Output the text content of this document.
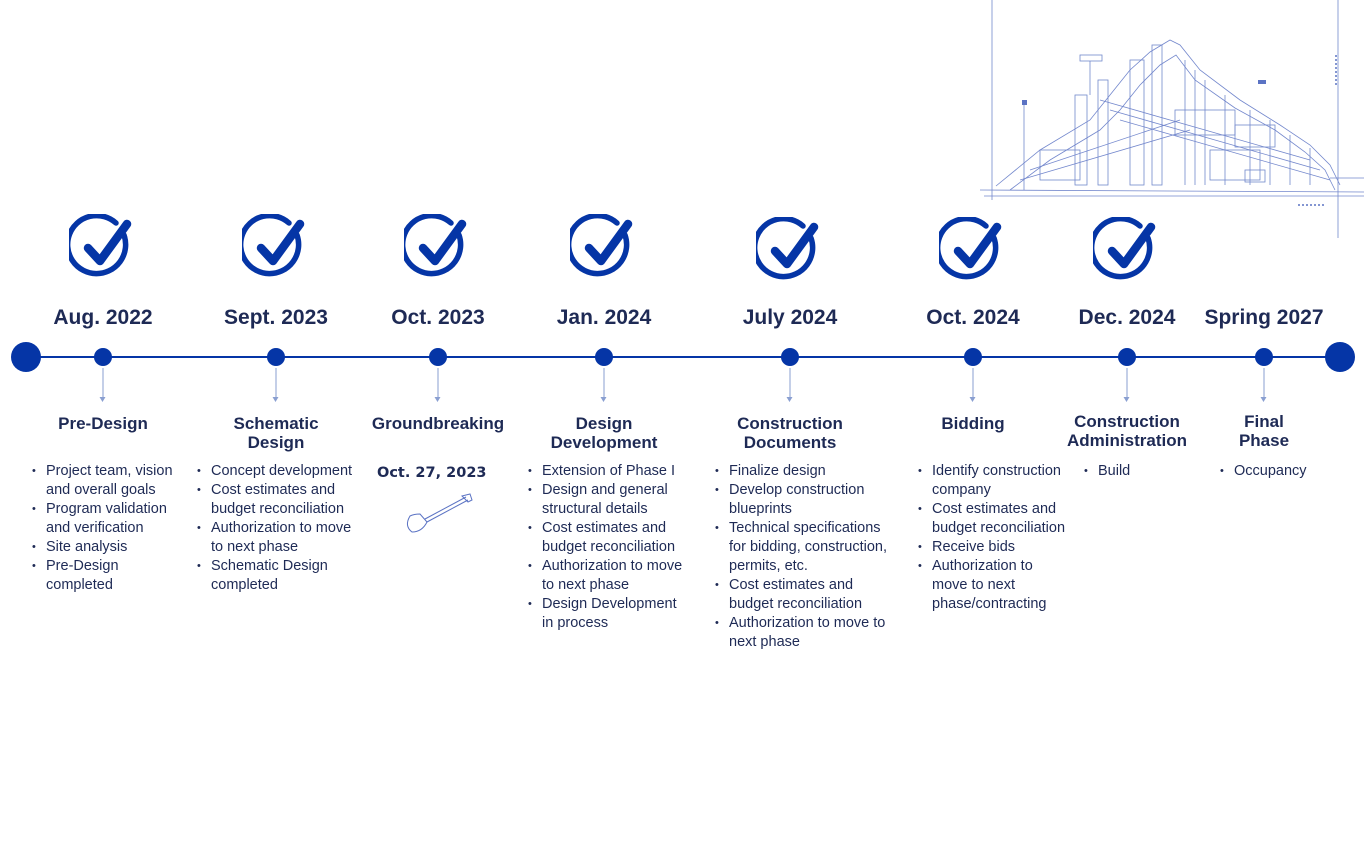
Aug. 2022
Pre-Design
• Project team, vision
and overall goals
• Program validation
and verification
• Site analysis
• Pre-Design
completed
Sept. 2023
Schematic
Design
• Concept development
• Cost estimates and
budget reconciliation
• Authorization to move
to next phase
• Schematic Design
completed
Oct. 2023
Groundbreaking
Oct. 27, 2023
Jan. 2024
Design
Development
• Extension of Phase I
• Design and general
structural details
• Cost estimates and
budget reconciliation
• Authorization to move
to next phase
• Design Development
in process
July 2024
Construction
Documents
• Finalize design
• Develop construction
blueprints
• Technical specifications
for bidding, construction,
permits, etc.
• Cost estimates and
budget reconciliation
• Authorization to move to
next phase
Oct. 2024
Bidding
• Identify construction
company
• Cost estimates and
budget reconciliation
• Receive bids
• Authorization to
move to next
phase/contracting
Dec. 2024
Construction
Administration
• Build
Spring 2027
Final
Phase
• Occupancy
